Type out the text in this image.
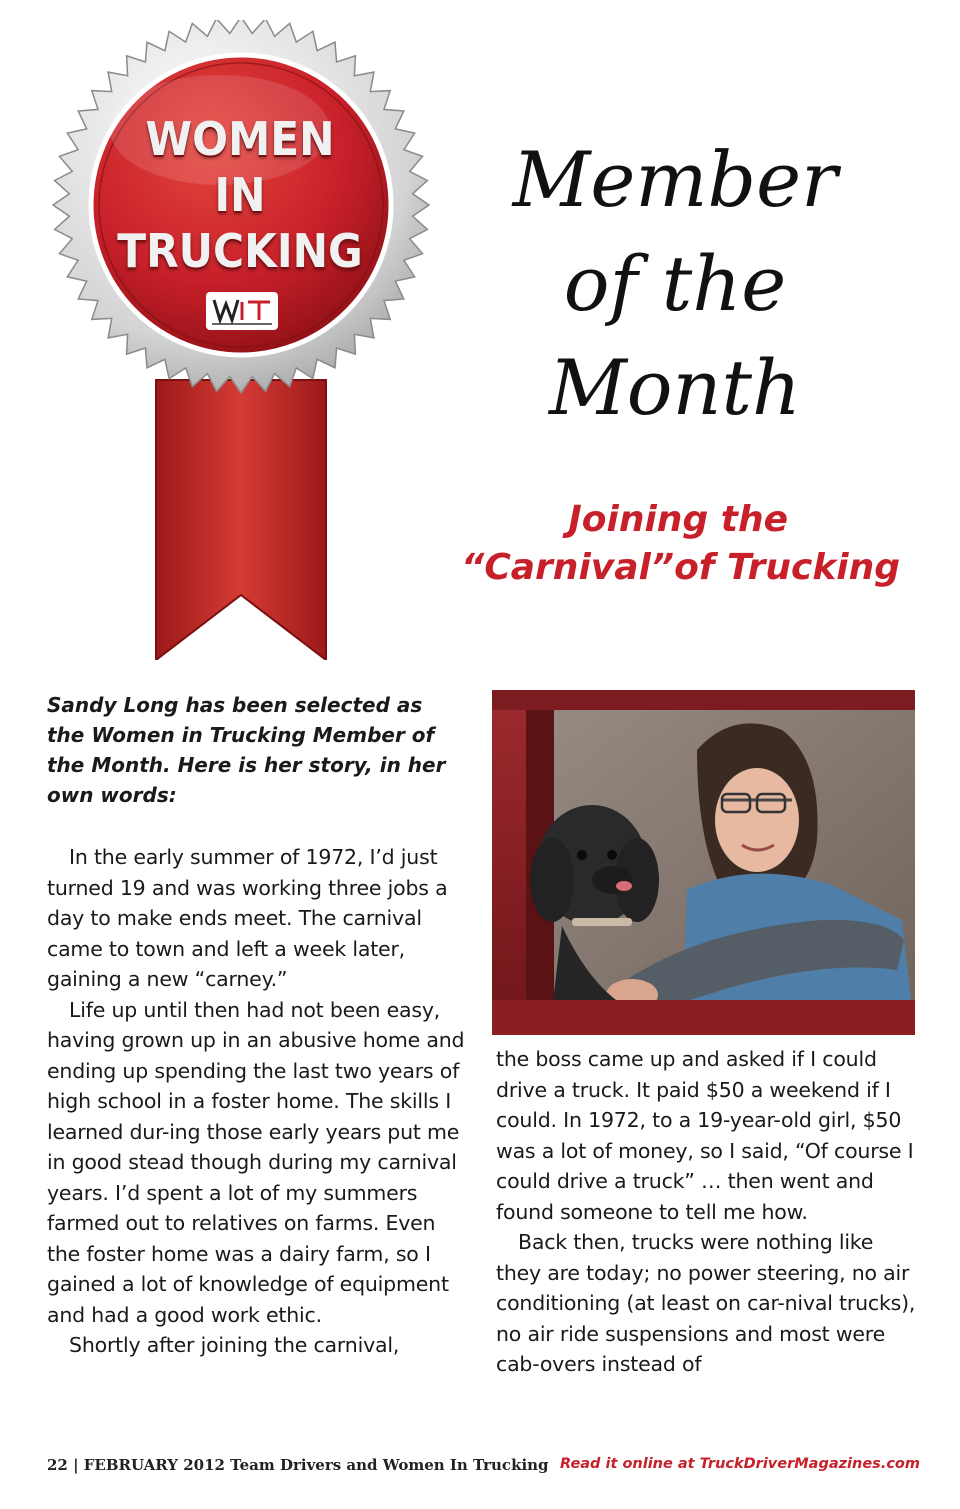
WOMEN
IN
TRUCKING
Member
of the
Month
Joining the
“Carnival”of Trucking
Sandy Long has been selected as
the Women in Trucking Member of
the Month. Here is her story, in her
own words:

In the early summer of 1972, I’d just turned 19 and was working three jobs a day to make ends meet. The carnival came to town and left a week later, gaining a new “carney.”

Life up until then had not been easy, having grown up in an abusive home and ending up spending the last two years of high school in a foster home. The skills I learned dur-ing those early years put me in good stead though during my carnival years. I’d spent a lot of my summers farmed out to relatives on farms. Even the foster home was a dairy farm, so I gained a lot of knowledge of equipment and had a good work ethic.

Shortly after joining the carnival,

the boss came up and asked if I could drive a truck. It paid $50 a weekend if I could. In 1972, to a 19-year-old girl, $50 was a lot of money, so I said, “Of course I could drive a truck” … then went and found someone to tell me how.

Back then, trucks were nothing like they are today; no power steering, no air conditioning (at least on car-nival trucks), no air ride suspensions and most were cab-overs instead of

22 | FEBRUARY 2012 Team Drivers and Women In Trucking Read it online at TruckDriverMagazines.com
